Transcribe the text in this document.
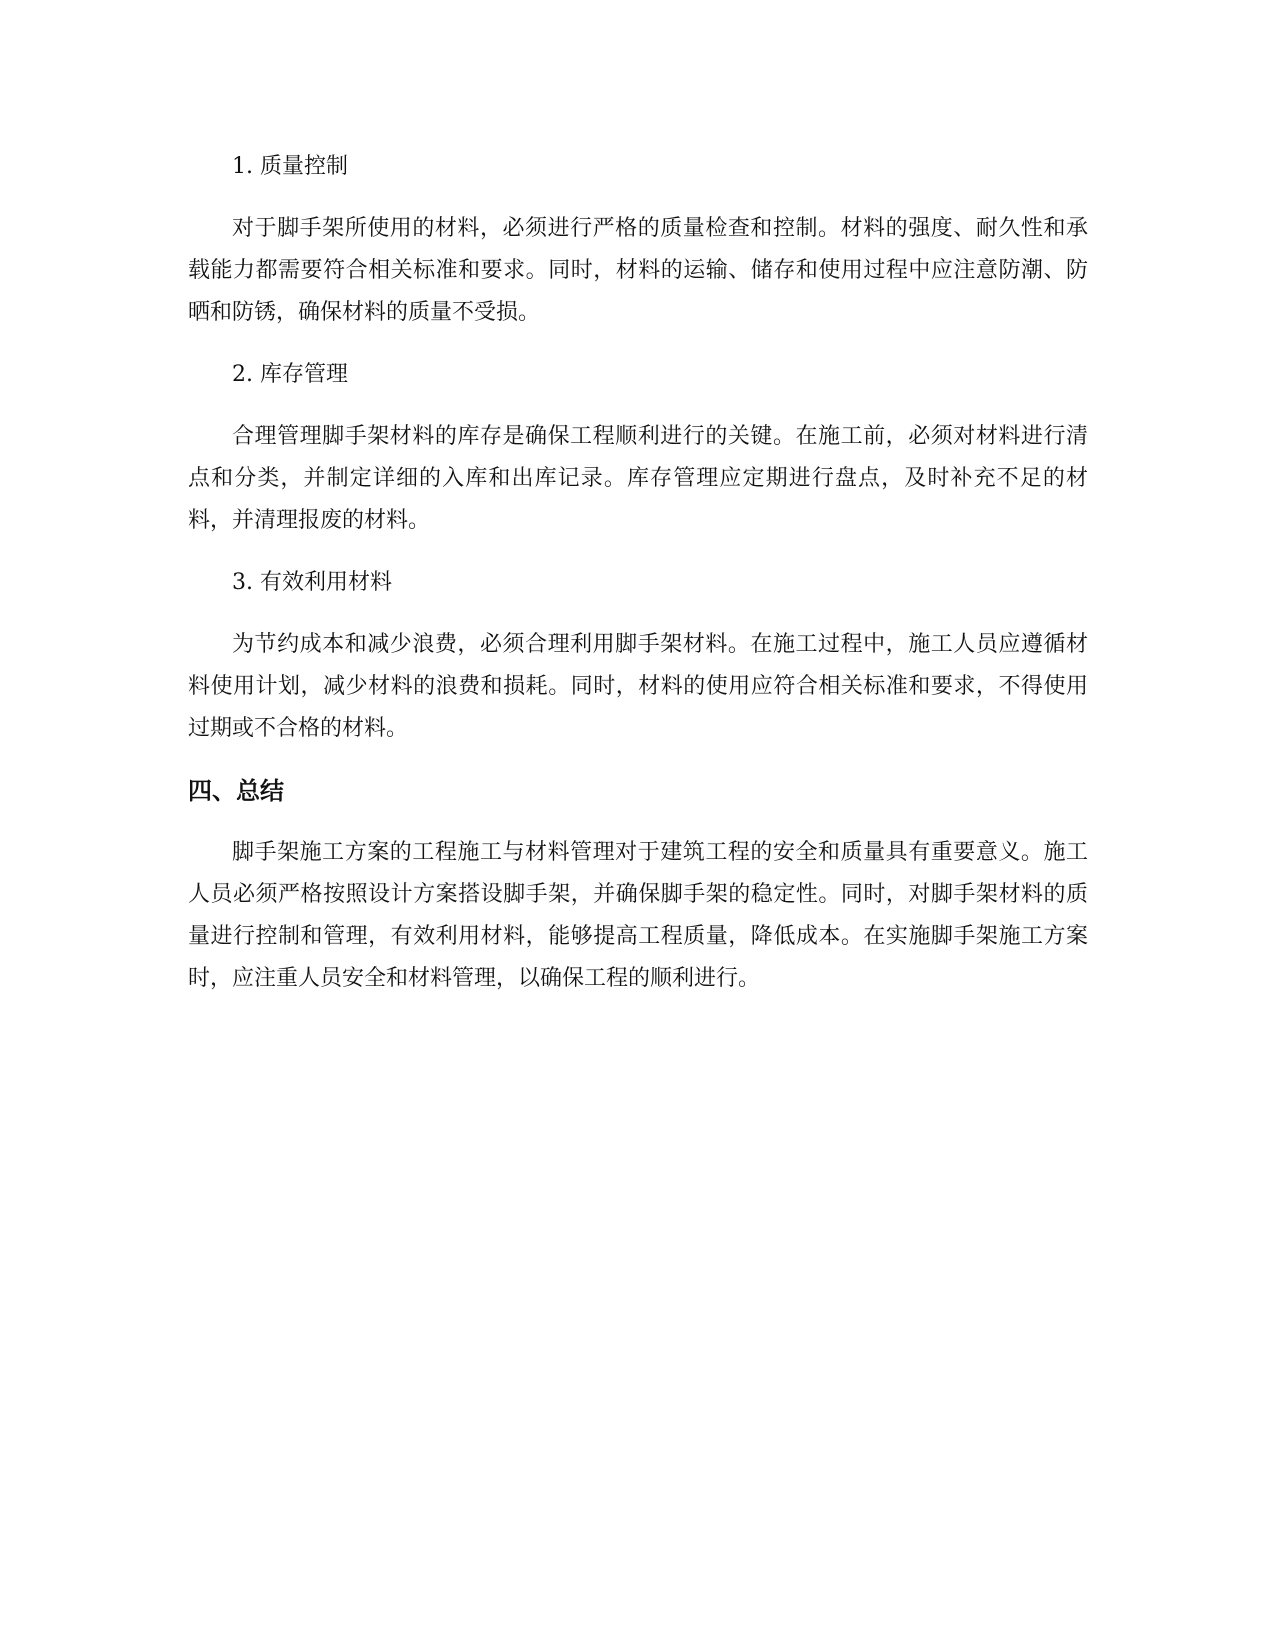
1. 质量控制

对于脚手架所使用的材料，必须进行严格的质量检查和控制。材料的强度、耐久性和承载能力都需要符合相关标准和要求。同时，材料的运输、储存和使用过程中应注意防潮、防晒和防锈，确保材料的质量不受损。

2. 库存管理

合理管理脚手架材料的库存是确保工程顺利进行的关键。在施工前，必须对材料进行清点和分类，并制定详细的入库和出库记录。库存管理应定期进行盘点，及时补充不足的材料，并清理报废的材料。

3. 有效利用材料

为节约成本和减少浪费，必须合理利用脚手架材料。在施工过程中，施工人员应遵循材料使用计划，减少材料的浪费和损耗。同时，材料的使用应符合相关标准和要求，不得使用过期或不合格的材料。

四、总结

脚手架施工方案的工程施工与材料管理对于建筑工程的安全和质量具有重要意义。施工人员必须严格按照设计方案搭设脚手架，并确保脚手架的稳定性。同时，对脚手架材料的质量进行控制和管理，有效利用材料，能够提高工程质量，降低成本。在实施脚手架施工方案时，应注重人员安全和材料管理，以确保工程的顺利进行。
